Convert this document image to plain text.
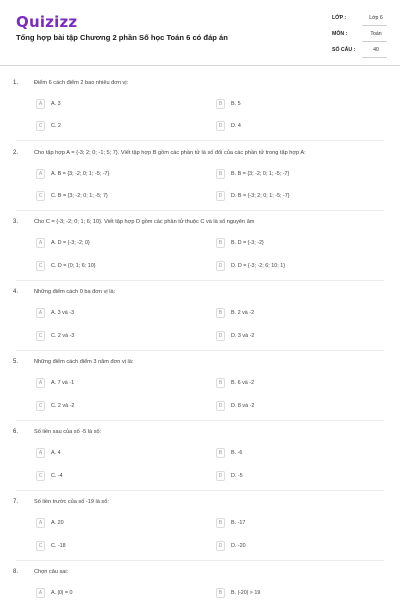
Quizizz
Tổng hợp bài tập Chương 2 phần Số học Toán 6 có đáp án
LỚP :	Lớp 6
MÔN :	Toán
SỐ CÂU :	40
1.	Điểm 6 cách điểm 2 bao nhiêu đơn vị:
A	A. 3	B	B. 5
C	C. 2	D	D. 4
2.	Cho tập hợp A = {-3; 2; 0; -1; 5; 7}. Viết tập hợp B gồm các phần tử là số đối của các phần tử trong tập hợp A:
A	A. B = {3; -2; 0; 1; -5; -7}	B	B. B = {3; -2; 0; 1; -5; -7}
C	C. B = {3; -2; 0; 1; -5; 7}	D	D. B = {-3; 2; 0; 1; -5; -7}
3.	Cho C = {-3; -2; 0; 1; 6; 10}. Viết tập hợp D gồm các phần tử thuộc C và là số nguyên âm
A	A. D = {-3; -2; 0}	B	B. D = {-3; -2}
C	C. D = {0; 1; 6; 10}	D	D. D = {-3; -2; 6; 10; 1}
4.	Những điểm cách 0 ba đơn vị là:
A	A. 3 và -3	B	B. 2 và -2
C	C. 2 và -3	D	D. 3 và -2
5.	Những điểm cách điểm 3 năm đơn vị là:
A	A. 7 và -1	B	B. 6 và -2
C	C. 2 và -2	D	D. 8 và -2
6.	Số liền sau của số -5 là số:
A	A. 4	B	B. -6
C	C. -4	D	D. -5
7.	Số liền trước của số -19 là số:
A	A. 20	B	B. -17
C	C. -18	D	D. -20
8.	Chọn câu sai:
A	A. |0| = 0	B	B. |-20| > 19
